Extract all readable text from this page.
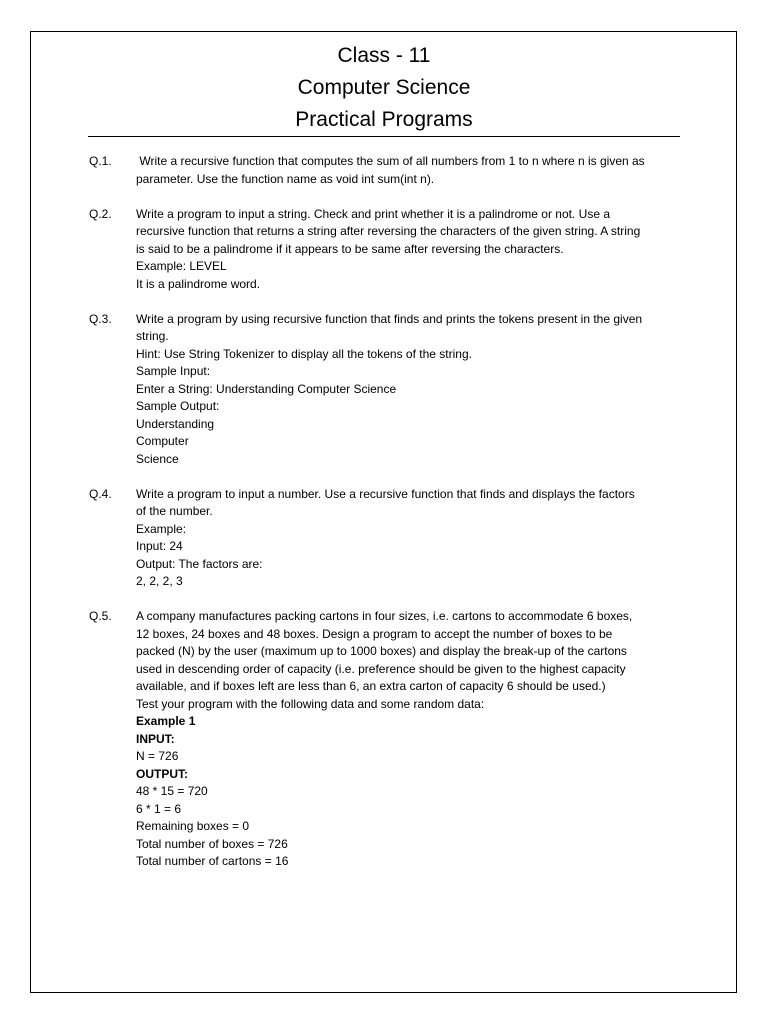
Class - 11

Computer Science

Practical Programs

Q.1.	Write a recursive function that computes the sum of all numbers from 1 to n where n is given as
parameter. Use the function name as void int sum(int n).
Q.2.	Write a program to input a string. Check and print whether it is a palindrome or not. Use a
recursive function that returns a string after reversing the characters of the given string. A string
is said to be a palindrome if it appears to be same after reversing the characters.
Example: LEVEL
It is a palindrome word.
Q.3.	Write a program by using recursive function that finds and prints the tokens present in the given
string.
Hint: Use String Tokenizer to display all the tokens of the string.
Sample Input:
Enter a String: Understanding Computer Science
Sample Output:
Understanding
Computer
Science
Q.4.	Write a program to input a number. Use a recursive function that finds and displays the factors
of the number.
Example:
Input: 24
Output: The factors are:
2, 2, 2, 3
Q.5.	A company manufactures packing cartons in four sizes, i.e. cartons to accommodate 6 boxes,
12 boxes, 24 boxes and 48 boxes. Design a program to accept the number of boxes to be
packed (N) by the user (maximum up to 1000 boxes) and display the break-up of the cartons
used in descending order of capacity (i.e. preference should be given to the highest capacity
available, and if boxes left are less than 6, an extra carton of capacity 6 should be used.)
Test your program with the following data and some random data:
Example 1
INPUT:
N = 726
OUTPUT:
48 * 15 = 720
6 * 1 = 6
Remaining boxes = 0
Total number of boxes = 726
Total number of cartons = 16
